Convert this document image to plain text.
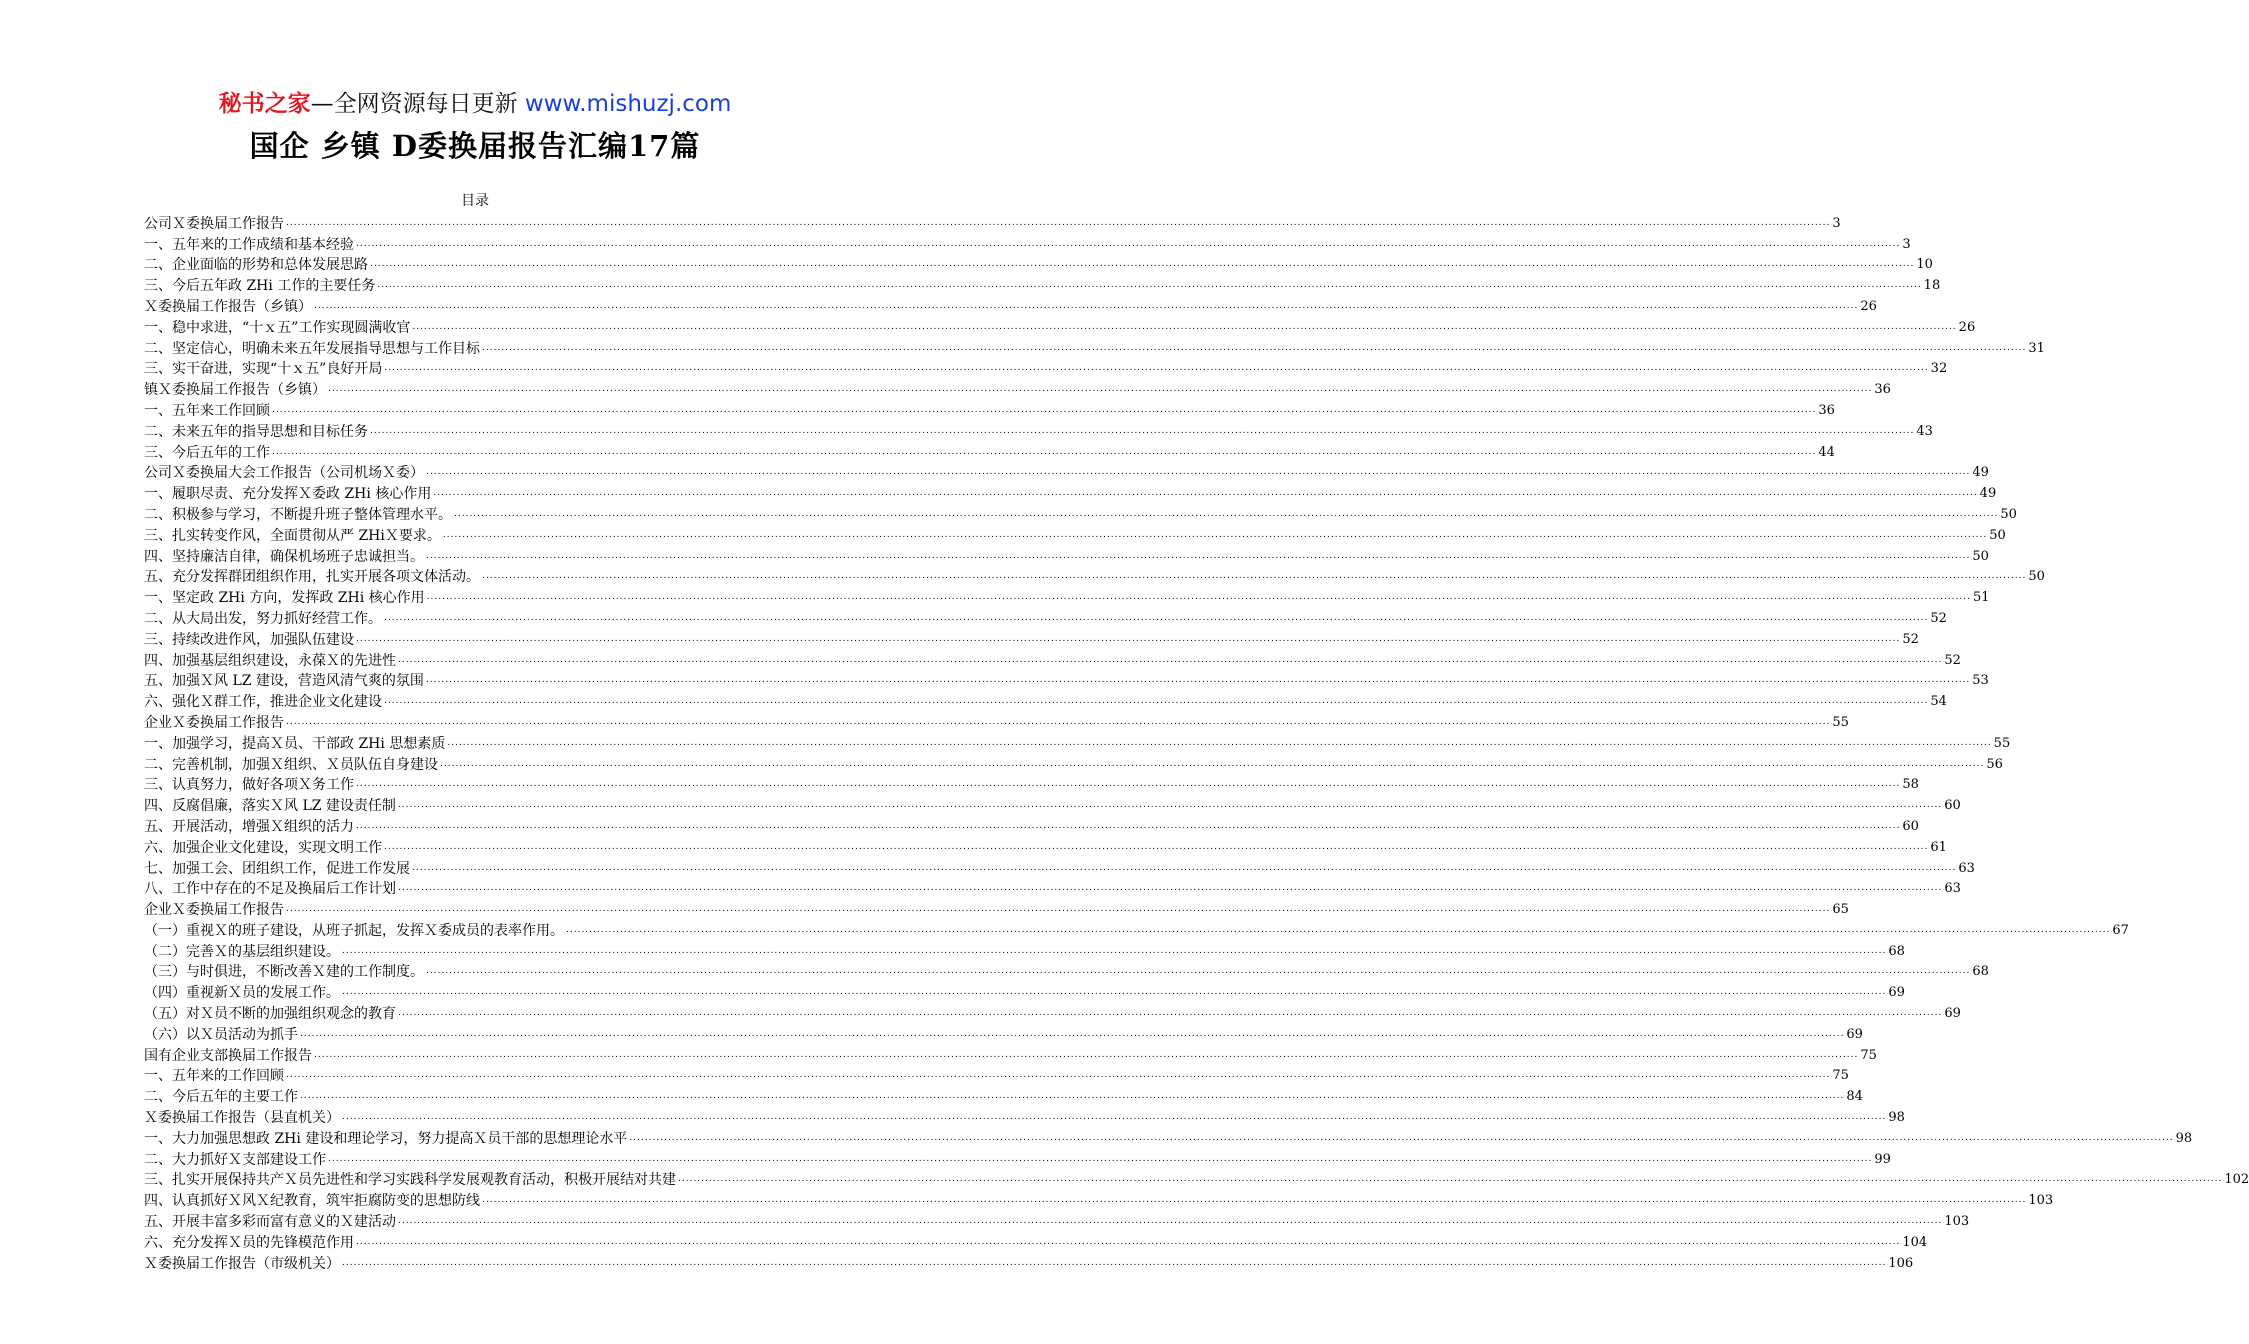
秘书之家—全网资源每日更新 www.mishuzj.com
国企 乡镇 D委换届报告汇编17篇
目录
公司Ｘ委换届工作报告 ................................................................................................................................................................................................................................................................................................................................................................................................................ 3
一、五年来的工作成绩和基本经验 ................................................................................................................................................................................................................................................................................................................................................................................................................ 3
二、企业面临的形势和总体发展思路 ................................................................................................................................................................................................................................................................................................................................................................................................................ 10
三、今后五年政 ZHi 工作的主要任务 ................................................................................................................................................................................................................................................................................................................................................................................................................ 18
Ｘ委换届工作报告（乡镇） ................................................................................................................................................................................................................................................................................................................................................................................................................ 26
一、稳中求进，“十ｘ五”工作实现圆满收官 ................................................................................................................................................................................................................................................................................................................................................................................................................ 26
二、坚定信心，明确未来五年发展指导思想与工作目标 ................................................................................................................................................................................................................................................................................................................................................................................................................ 31
三、实干奋进，实现“十ｘ五”良好开局 ................................................................................................................................................................................................................................................................................................................................................................................................................ 32
镇Ｘ委换届工作报告（乡镇） ................................................................................................................................................................................................................................................................................................................................................................................................................ 36
一、五年来工作回顾 ................................................................................................................................................................................................................................................................................................................................................................................................................ 36
二、未来五年的指导思想和目标任务 ................................................................................................................................................................................................................................................................................................................................................................................................................ 43
三、今后五年的工作 ................................................................................................................................................................................................................................................................................................................................................................................................................ 44
公司Ｘ委换届大会工作报告（公司机场Ｘ委） ................................................................................................................................................................................................................................................................................................................................................................................................................ 49
一、履职尽责、充分发挥Ｘ委政 ZHi 核心作用 ................................................................................................................................................................................................................................................................................................................................................................................................................ 49
二、积极参与学习，不断提升班子整体管理水平。 ................................................................................................................................................................................................................................................................................................................................................................................................................ 50
三、扎实转变作风，全面贯彻从严 ZHiＸ要求。 ................................................................................................................................................................................................................................................................................................................................................................................................................ 50
四、坚持廉洁自律，确保机场班子忠诚担当。 ................................................................................................................................................................................................................................................................................................................................................................................................................ 50
五、充分发挥群团组织作用，扎实开展各项文体活动。 ................................................................................................................................................................................................................................................................................................................................................................................................................ 50
一、坚定政 ZHi 方向，发挥政 ZHi 核心作用 ................................................................................................................................................................................................................................................................................................................................................................................................................ 51
二、从大局出发，努力抓好经营工作。 ................................................................................................................................................................................................................................................................................................................................................................................................................ 52
三、持续改进作风，加强队伍建设 ................................................................................................................................................................................................................................................................................................................................................................................................................ 52
四、加强基层组织建设，永葆Ｘ的先进性 ................................................................................................................................................................................................................................................................................................................................................................................................................ 52
五、加强Ｘ风 LZ 建设，营造风清气爽的氛围 ................................................................................................................................................................................................................................................................................................................................................................................................................ 53
六、强化Ｘ群工作，推进企业文化建设 ................................................................................................................................................................................................................................................................................................................................................................................................................ 54
企业Ｘ委换届工作报告 ................................................................................................................................................................................................................................................................................................................................................................................................................ 55
一、加强学习，提高Ｘ员、干部政 ZHi 思想素质 ................................................................................................................................................................................................................................................................................................................................................................................................................ 55
二、完善机制，加强Ｘ组织、Ｘ员队伍自身建设 ................................................................................................................................................................................................................................................................................................................................................................................................................ 56
三、认真努力，做好各项Ｘ务工作 ................................................................................................................................................................................................................................................................................................................................................................................................................ 58
四、反腐倡廉，落实Ｘ风 LZ 建设责任制 ................................................................................................................................................................................................................................................................................................................................................................................................................ 60
五、开展活动，增强Ｘ组织的活力 ................................................................................................................................................................................................................................................................................................................................................................................................................ 60
六、加强企业文化建设，实现文明工作 ................................................................................................................................................................................................................................................................................................................................................................................................................ 61
七、加强工会、团组织工作，促进工作发展 ................................................................................................................................................................................................................................................................................................................................................................................................................ 63
八、工作中存在的不足及换届后工作计划 ................................................................................................................................................................................................................................................................................................................................................................................................................ 63
企业Ｘ委换届工作报告 ................................................................................................................................................................................................................................................................................................................................................................................................................ 65
（一）重视Ｘ的班子建设，从班子抓起，发挥Ｘ委成员的表率作用。 ................................................................................................................................................................................................................................................................................................................................................................................................................ 67
（二）完善Ｘ的基层组织建设。 ................................................................................................................................................................................................................................................................................................................................................................................................................ 68
（三）与时俱进，不断改善Ｘ建的工作制度。 ................................................................................................................................................................................................................................................................................................................................................................................................................ 68
（四）重视新Ｘ员的发展工作。 ................................................................................................................................................................................................................................................................................................................................................................................................................ 69
（五）对Ｘ员不断的加强组织观念的教育 ................................................................................................................................................................................................................................................................................................................................................................................................................ 69
（六）以Ｘ员活动为抓手 ................................................................................................................................................................................................................................................................................................................................................................................................................ 69
国有企业支部换届工作报告 ................................................................................................................................................................................................................................................................................................................................................................................................................ 75
一、五年来的工作回顾 ................................................................................................................................................................................................................................................................................................................................................................................................................ 75
二、今后五年的主要工作 ................................................................................................................................................................................................................................................................................................................................................................................................................ 84
Ｘ委换届工作报告（县直机关） ................................................................................................................................................................................................................................................................................................................................................................................................................ 98
一、大力加强思想政 ZHi 建设和理论学习，努力提高Ｘ员干部的思想理论水平 ................................................................................................................................................................................................................................................................................................................................................................................................................ 98
二、大力抓好Ｘ支部建设工作 ................................................................................................................................................................................................................................................................................................................................................................................................................ 99
三、扎实开展保持共产Ｘ员先进性和学习实践科学发展观教育活动，积极开展结对共建 ................................................................................................................................................................................................................................................................................................................................................................................................................ 102
四、认真抓好Ｘ风Ｘ纪教育，筑牢拒腐防变的思想防线 ................................................................................................................................................................................................................................................................................................................................................................................................................ 103
五、开展丰富多彩而富有意义的Ｘ建活动 ................................................................................................................................................................................................................................................................................................................................................................................................................ 103
六、充分发挥Ｘ员的先锋模范作用 ................................................................................................................................................................................................................................................................................................................................................................................................................ 104
Ｘ委换届工作报告（市级机关） ................................................................................................................................................................................................................................................................................................................................................................................................................ 106
